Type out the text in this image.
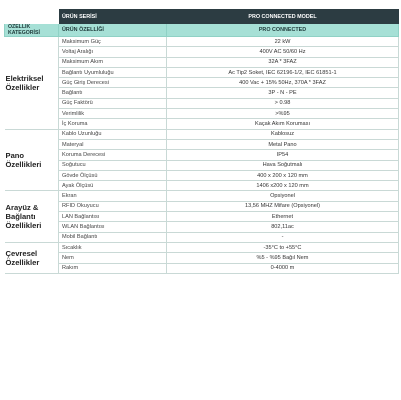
	ÜRÜN SERİSİ	PRO CONNECTED MODEL
ÖZELLİK KATEGORİSİ	ÜRÜN ÖZELLİĞİ	PRO CONNECTED
Elektriksel Özellikler	Maksimum Güç	22 kW
	Voltaj Aralığı	400V AC 50/60 Hz
	Maksimum Akım	32A * 3FAZ
	Bağlantı Uyumluluğu	Ac Tip2 Soket, IEC 62196-1/2, IEC 61851-1
	Güç Giriş Derecesi	400 Vac + 15% 50Hz, 370A * 3FAZ
	Bağlantı	3P - N - PE
	Güç Faktörü	> 0.98
	Verimlilik	>%95
	İç Koruma	Kaçak Akım Koruması
Pano Özellikleri	Kablo Uzunluğu	Kablosuz
	Materyal	Metal Pano
	Koruma Derecesi	IP54
	Soğutucu	Hava Soğutmalı
	Gövde Ölçüsü	400 x 200 x 120 mm
	Ayak Ölçüsü	1406 x200 x 120 mm
Arayüz & Bağlantı Özellikleri	Ekran	Opsiyonel
	RFID Okuyucu	13,56 MHZ Mifare (Opsiyonel)
	LAN Bağlantısı	Ethernet
	WLAN Bağlantısı	802,11ac
	Mobil Bağlantı	-
Çevresel Özellikler	Sıcaklık	-35°C to +55°C
	Nem	%5 - %95 Bağıl Nem
	Rakım	0-4000 m
